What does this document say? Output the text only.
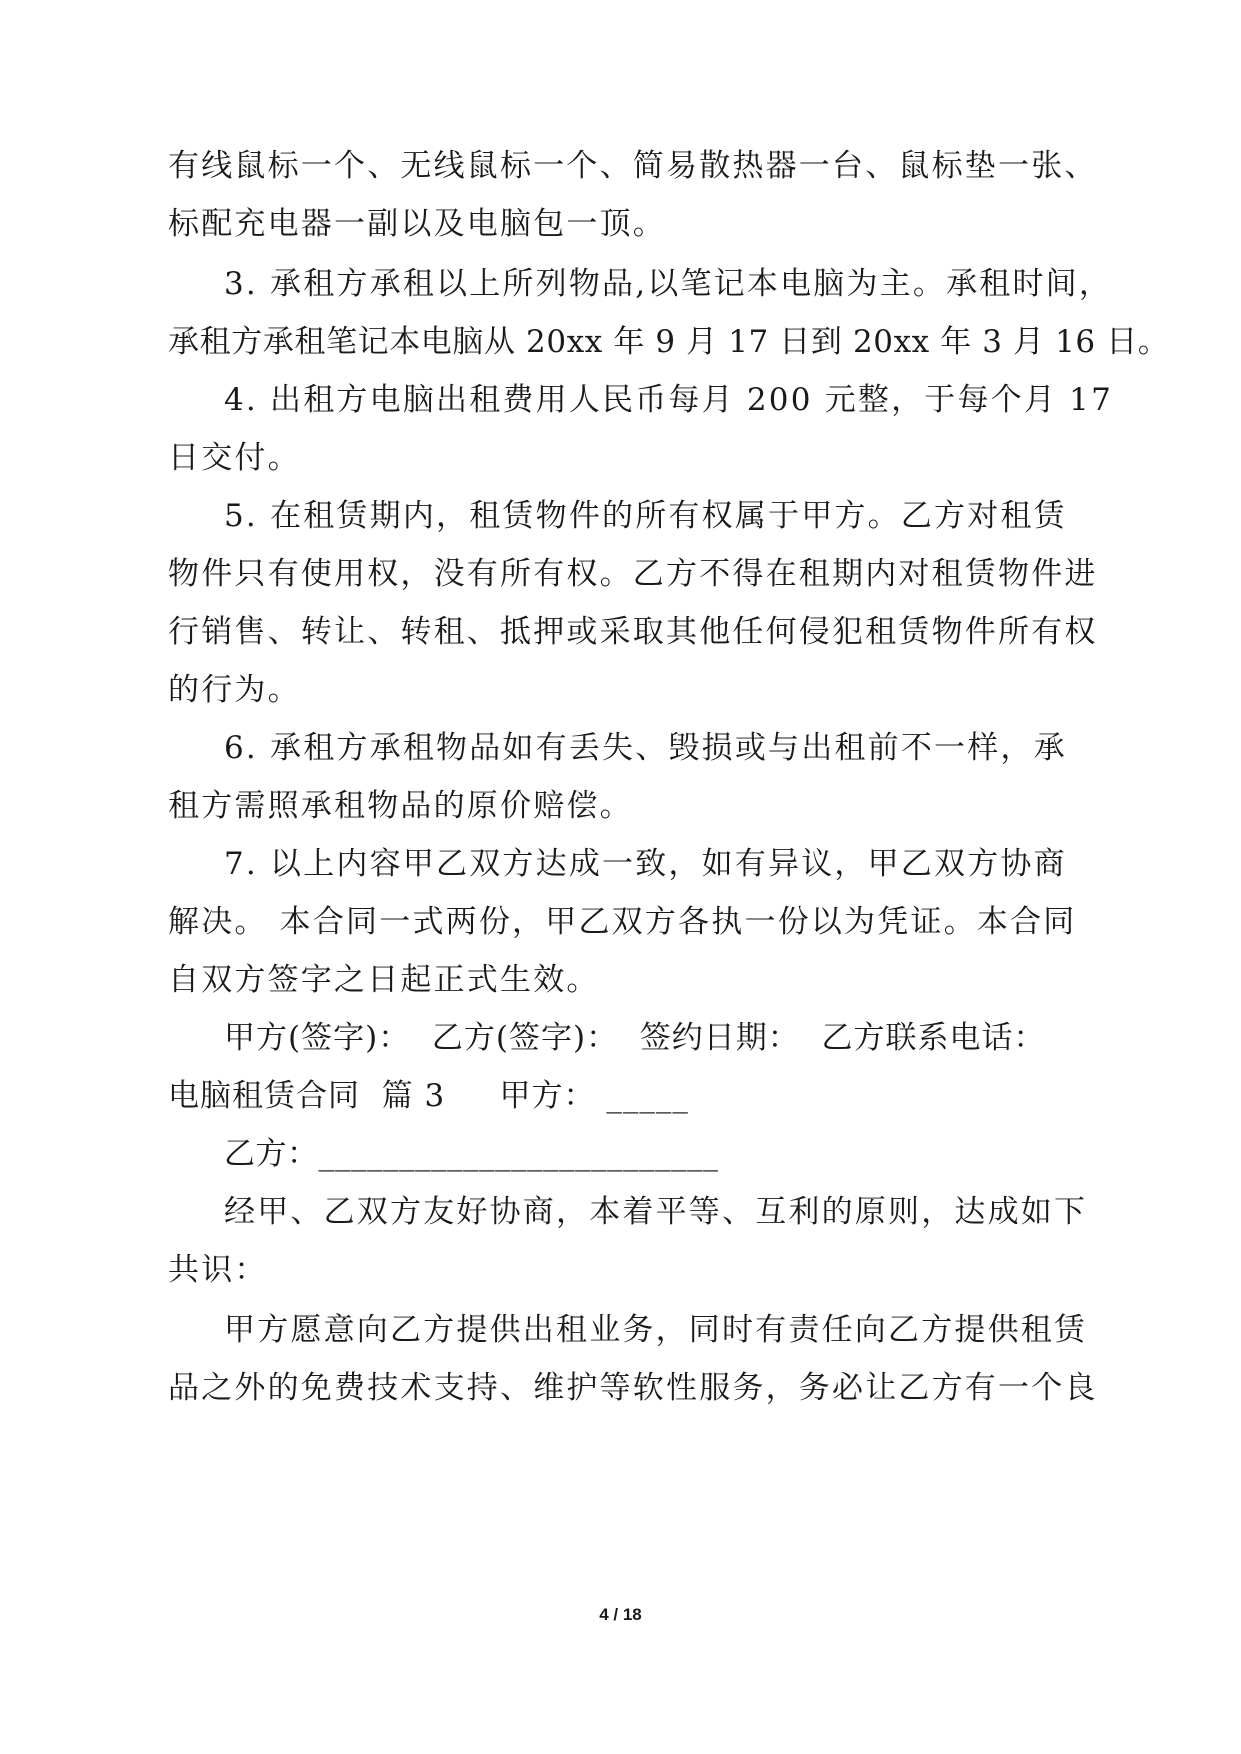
有线鼠标一个、无线鼠标一个、简易散热器一台、鼠标垫一张、
标配充电器一副以及电脑包一顶。
3. 承租方承租以上所列物品,以笔记本电脑为主。承租时间，
承租方承租笔记本电脑从 20xx 年 9 月 17 日到 20xx 年 3 月 16 日。
4. 出租方电脑出租费用人民币每月 200 元整，于每个月 17
日交付。
5. 在租赁期内，租赁物件的所有权属于甲方。乙方对租赁
物件只有使用权，没有所有权。乙方不得在租期内对租赁物件进
行销售、转让、转租、抵押或采取其他任何侵犯租赁物件所有权
的行为。
6. 承租方承租物品如有丢失、毁损或与出租前不一样，承
租方需照承租物品的原价赔偿。
7. 以上内容甲乙双方达成一致，如有异议，甲乙双方协商
解决。 本合同一式两份，甲乙双方各执一份以为凭证。本合同
自双方签字之日起正式生效。
甲方(签字)：  乙方(签字)：  签约日期：  乙方联系电话：
电脑租赁合同  篇 3     甲方： _____
乙方：_________________________
经甲、乙双方友好协商，本着平等、互利的原则，达成如下
共识：
甲方愿意向乙方提供出租业务，同时有责任向乙方提供租赁
品之外的免费技术支持、维护等软性服务，务必让乙方有一个良
4 / 18
